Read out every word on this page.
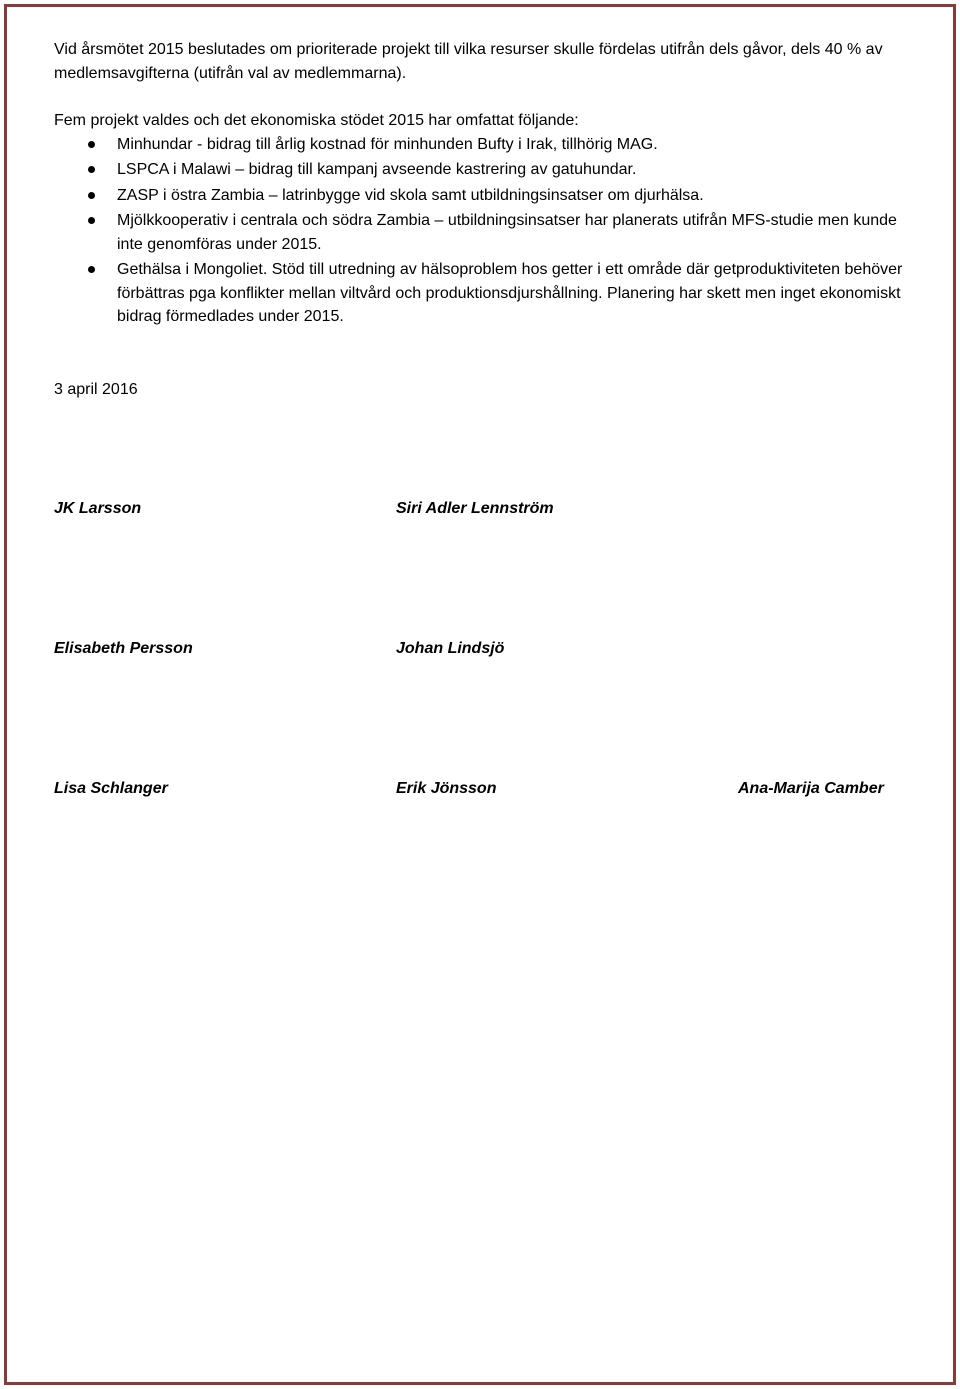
Vid årsmötet 2015 beslutades om prioriterade projekt till vilka resurser skulle fördelas utifrån dels gåvor, dels 40 % av medlemsavgifterna (utifrån val av medlemmarna).

Fem projekt valdes och det ekonomiska stödet 2015 har omfattat följande:

Minhundar - bidrag till årlig kostnad för minhunden Bufty i Irak, tillhörig MAG.
LSPCA i Malawi – bidrag till kampanj avseende kastrering av gatuhundar.
ZASP i östra Zambia – latrinbygge vid skola samt utbildningsinsatser om djurhälsa.
Mjölkkooperativ i centrala och södra Zambia – utbildningsinsatser har planerats utifrån MFS-studie men kunde inte genomföras under 2015.
Gethälsa i Mongoliet. Stöd till utredning av hälsoproblem hos getter i ett område där getproduktiviteten behöver förbättras pga konflikter mellan viltvård och produktionsdjurshållning. Planering har skett men inget ekonomiskt bidrag förmedlades under 2015.
3 april 2016
JK Larsson	Siri Adler Lennström
Elisabeth Persson	Johan Lindsjö
Lisa Schlanger	Erik Jönsson	Ana-Marija Camber
